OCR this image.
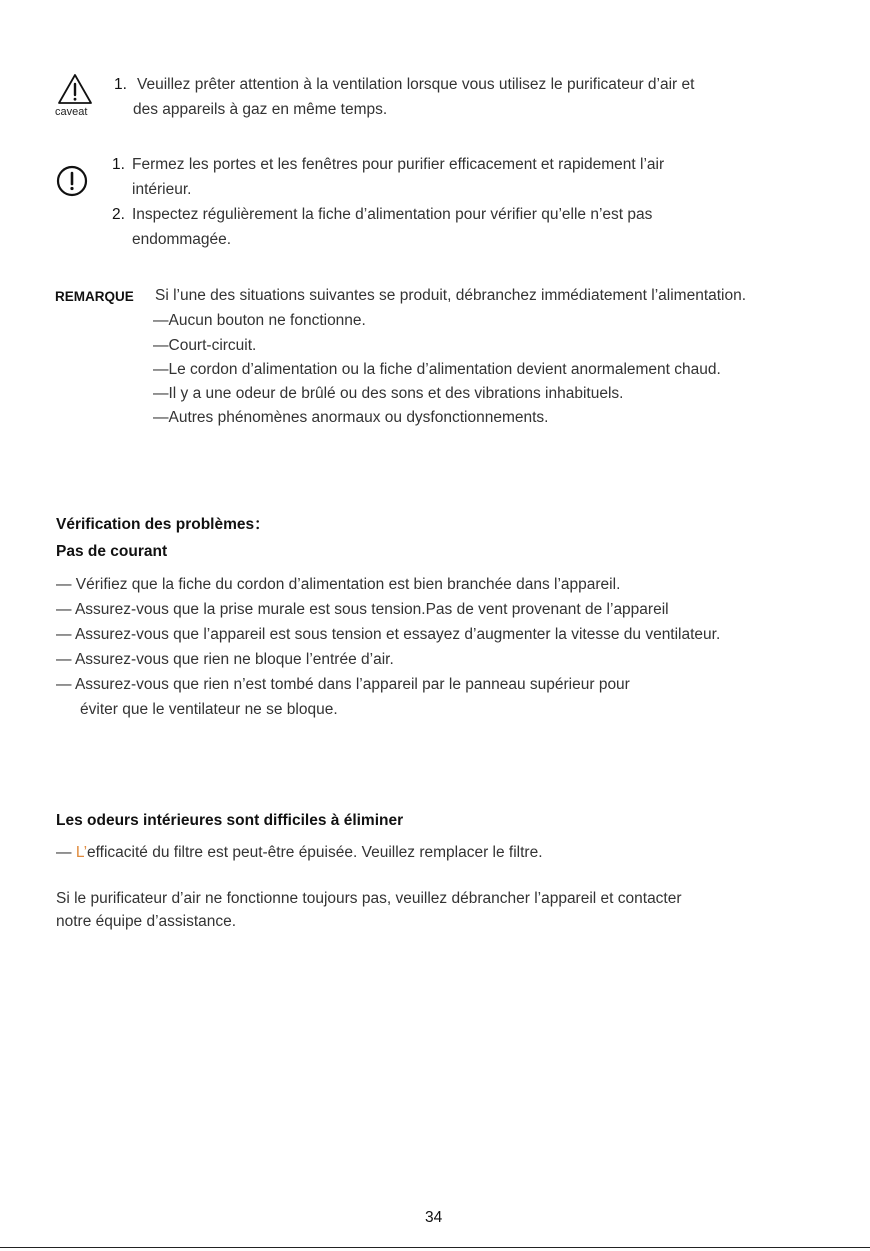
caveat
1. Veuillez prêter attention à la ventilation lorsque vous utilisez le purificateur d’air et
des appareils à gaz en même temps.
1. Fermez les portes et les fenêtres pour purifier efficacement et rapidement l’air
intérieur.
2. Inspectez régulièrement la fiche d’alimentation pour vérifier qu’elle n’est pas
endommagée.
REMARQUE Si l’une des situations suivantes se produit, débranchez immédiatement l’alimentation.
—Aucun bouton ne fonctionne.
—Court-circuit.
—Le cordon d’alimentation ou la fiche d’alimentation devient anormalement chaud.
—Il y a une odeur de brûlé ou des sons et des vibrations inhabituels.
—Autres phénomènes anormaux ou dysfonctionnements.
Vérification des problèmes：
Pas de courant
— Vérifiez que la fiche du cordon d’alimentation est bien branchée dans l’appareil.
— Assurez-vous que la prise murale est sous tension.Pas de vent provenant de l’appareil
— Assurez-vous que l’appareil est sous tension et essayez d’augmenter la vitesse du ventilateur.
— Assurez-vous que rien ne bloque l’entrée d’air.
— Assurez-vous que rien n’est tombé dans l’appareil par le panneau supérieur pour
éviter que le ventilateur ne se bloque.
Les odeurs intérieures sont difficiles à éliminer
— L’efficacité du filtre est peut-être épuisée. Veuillez remplacer le filtre.
Si le purificateur d’air ne fonctionne toujours pas, veuillez débrancher l’appareil et contacter
notre équipe d’assistance.
34
